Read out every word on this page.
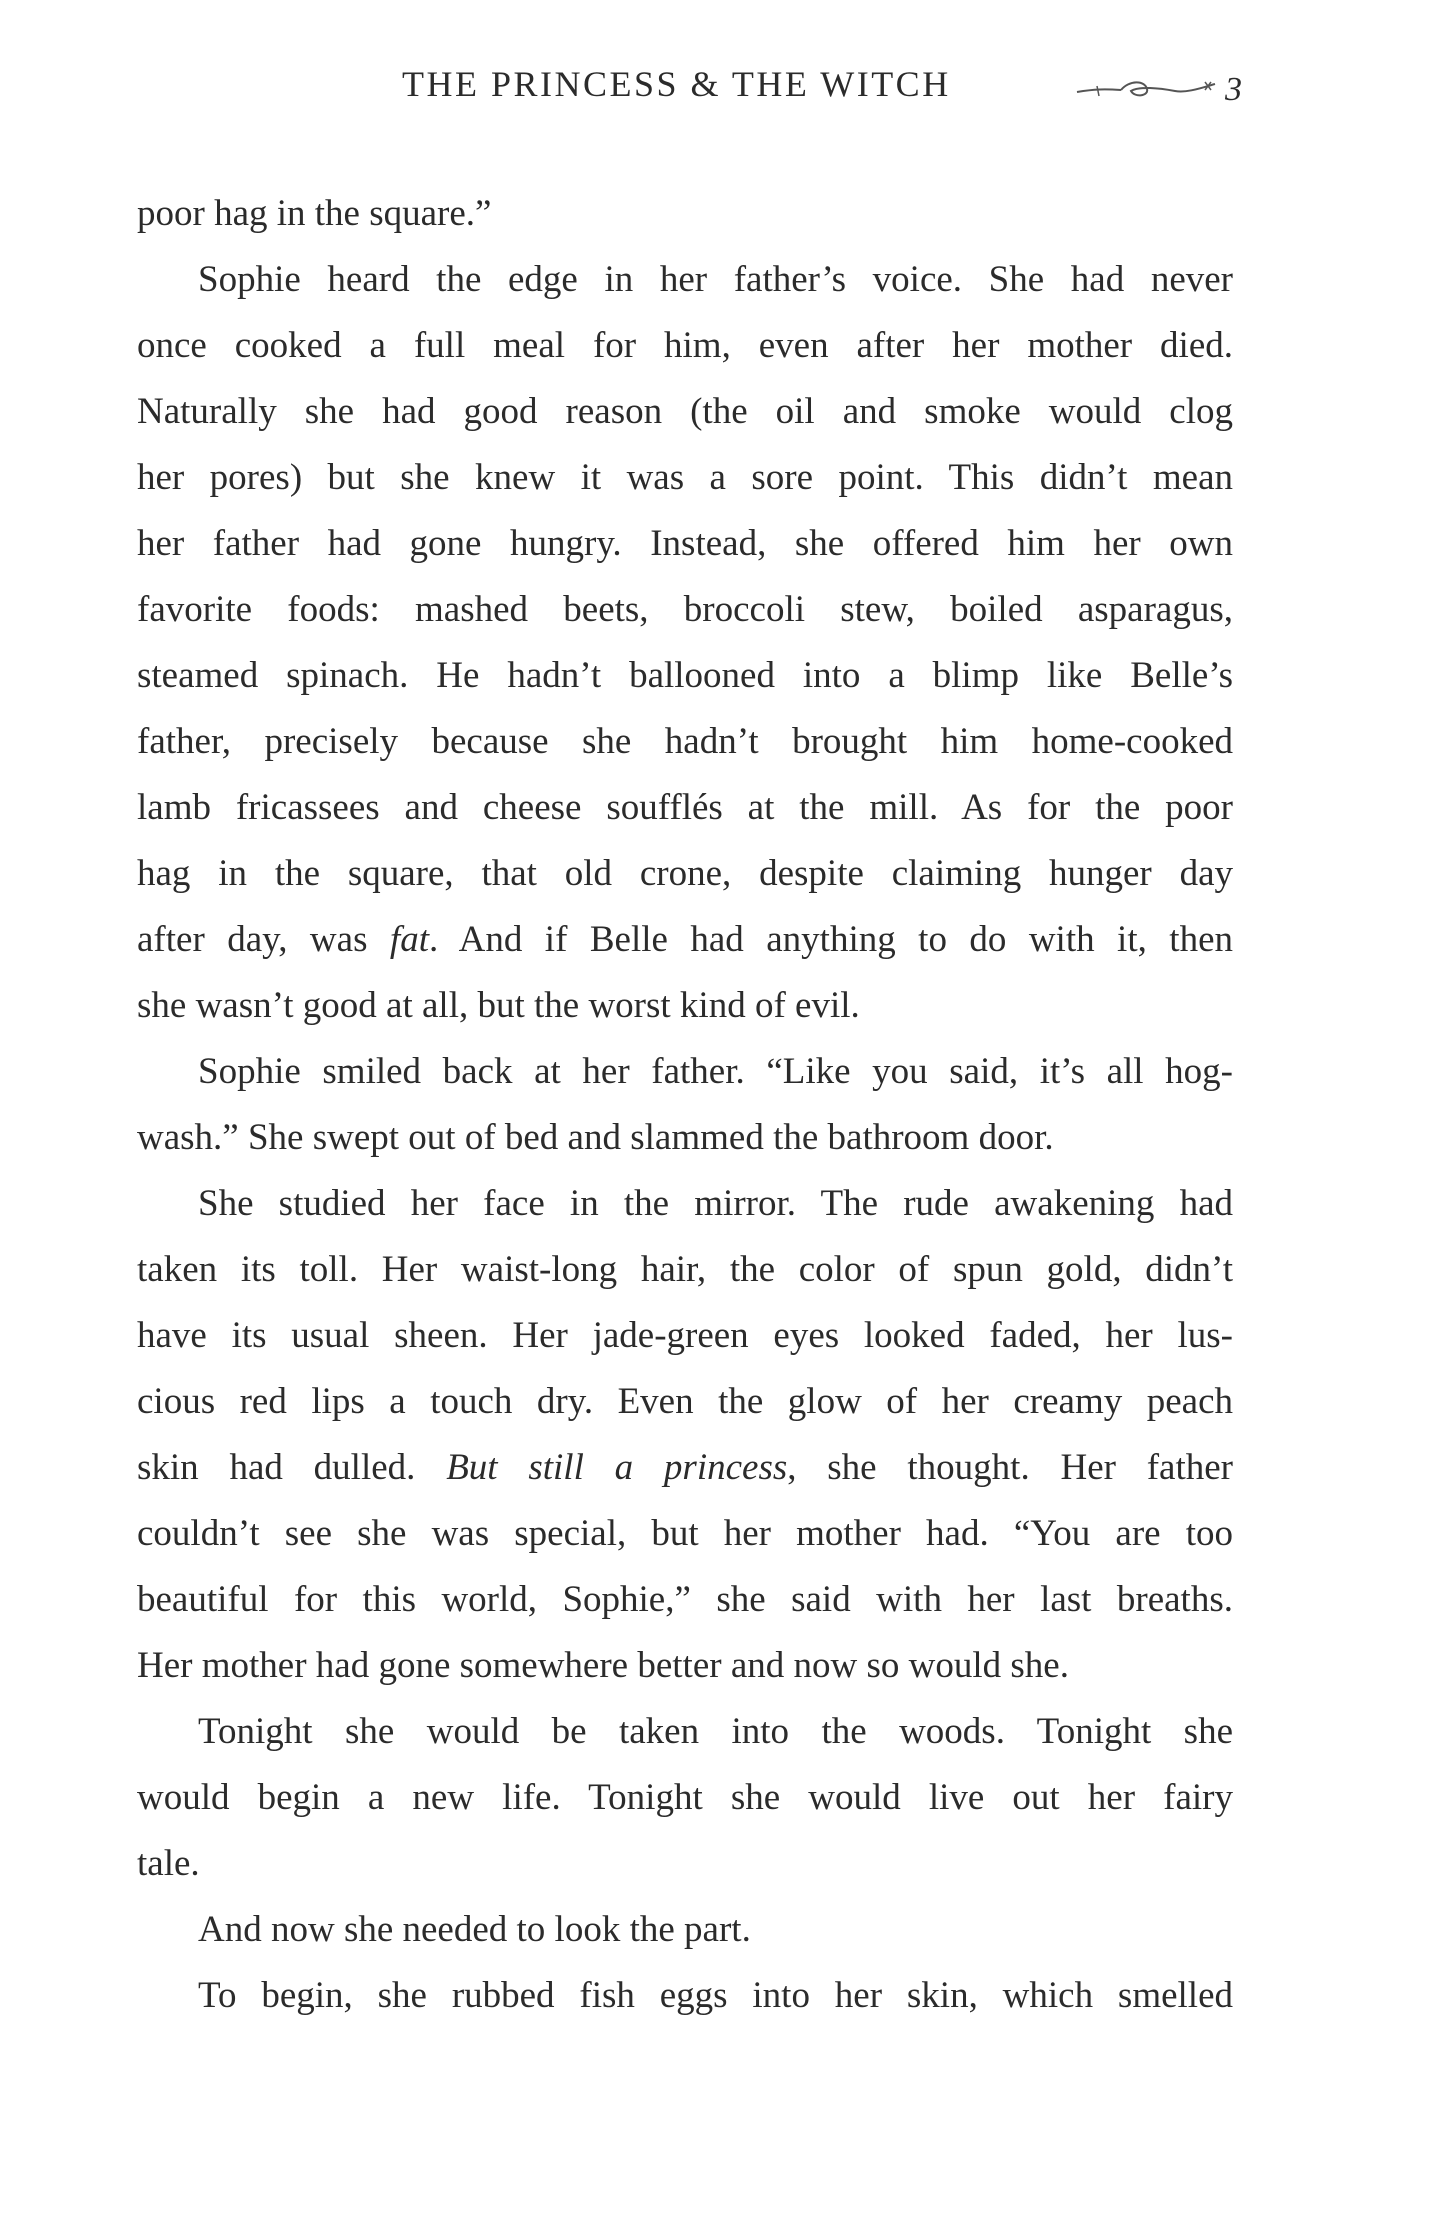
THE PRINCESS & THE WITCH	3
poor hag in the square.”
Sophie heard the edge in her father’s voice. She had never
once cooked a full meal for him, even after her mother died.
Naturally she had good reason (the oil and smoke would clog
her pores) but she knew it was a sore point. This didn’t mean
her father had gone hungry. Instead, she offered him her own
favorite foods: mashed beets, broccoli stew, boiled asparagus,
steamed spinach. He hadn’t ballooned into a blimp like Belle’s
father, precisely because she hadn’t brought him home-cooked
lamb fricassees and cheese soufflés at the mill. As for the poor
hag in the square, that old crone, despite claiming hunger day
after day, was fat. And if Belle had anything to do with it, then
she wasn’t good at all, but the worst kind of evil.
Sophie smiled back at her father. “Like you said, it’s all hog-
wash.” She swept out of bed and slammed the bathroom door.
She studied her face in the mirror. The rude awakening had
taken its toll. Her waist-long hair, the color of spun gold, didn’t
have its usual sheen. Her jade-green eyes looked faded, her lus-
cious red lips a touch dry. Even the glow of her creamy peach
skin had dulled. But still a princess, she thought. Her father
couldn’t see she was special, but her mother had. “You are too
beautiful for this world, Sophie,” she said with her last breaths.
Her mother had gone somewhere better and now so would she.
Tonight she would be taken into the woods. Tonight she
would begin a new life. Tonight she would live out her fairy
tale.
And now she needed to look the part.
To begin, she rubbed fish eggs into her skin, which smelled
